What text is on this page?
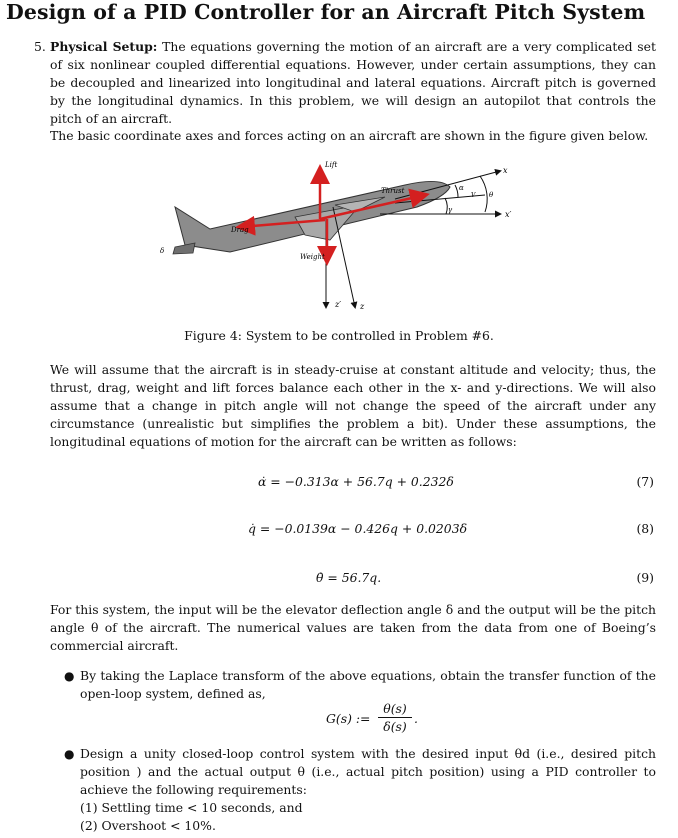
Design of a PID Controller for an Aircraft Pitch System
5. Physical Setup: The equations governing the motion of an aircraft are a very complicated set of six nonlinear coupled differential equations. However, under certain assumptions, they can be decoupled and linearized into longitudinal and lateral equations. Aircraft pitch is governed by the longitudinal dynamics. In this problem, we will design an autopilot that controls the pitch of an aircraft.

The basic coordinate axes and forces acting on an aircraft are shown in the figure given below.

Lift
Thrust
Drag
Weight
α
V θ
γ
x
x′
δ
z′ z

Figure 4: System to be controlled in Problem #6.

We will assume that the aircraft is in steady-cruise at constant altitude and velocity; thus, the thrust, drag, weight and lift forces balance each other in the x- and y-directions. We will also assume that a change in pitch angle will not change the speed of the aircraft under any circumstance (unrealistic but simplifies the problem a bit). Under these assumptions, the longitudinal equations of motion for the aircraft can be written as follows:

α̇ = −0.313α + 56.7q + 0.232δ	(7)
q̇ = −0.0139α − 0.426q + 0.0203δ	(8)
θ̇ = 56.7q.	(9)

For this system, the input will be the elevator deflection angle δ and the output will be the pitch angle θ of the aircraft. The numerical values are taken from the data from one of Boeing’s commercial aircraft.

● By taking the Laplace transform of the above equations, obtain the transfer function of the open-loop system, defined as,

G(s) :=
θ(s)
δ(s)
.
● Design a unity closed-loop control system with the desired input θd (i.e., desired pitch position ) and the actual output θ (i.e., actual pitch position) using a PID controller to achieve the following requirements:

(1) Settling time < 10 seconds, and

(2) Overshoot < 10%.
